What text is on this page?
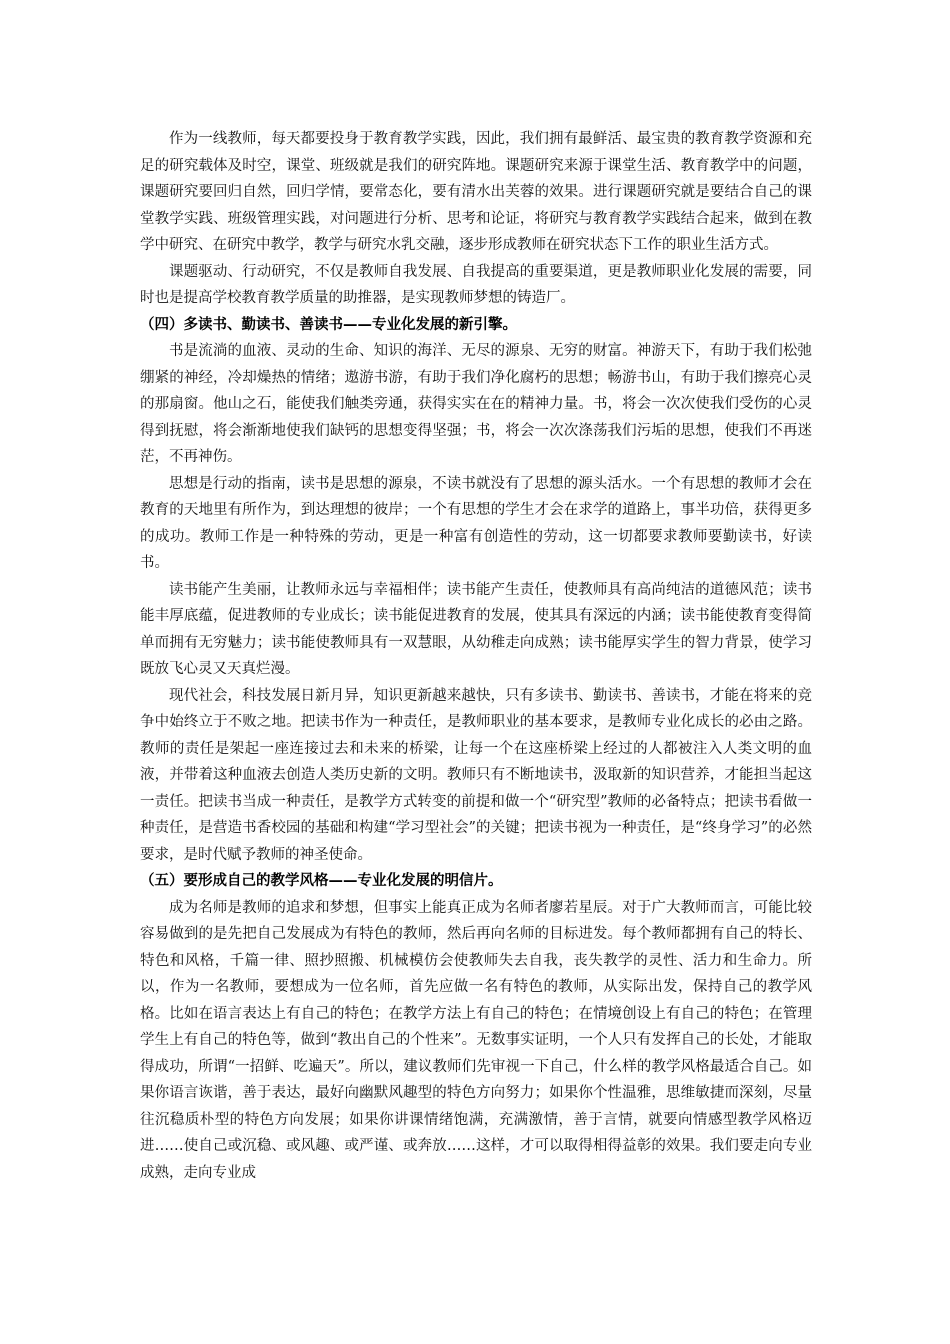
作为一线教师，每天都要投身于教育教学实践，因此，我们拥有最鲜活、最宝贵的教育教学资源和充足的研究载体及时空，课堂、班级就是我们的研究阵地。课题研究来源于课堂生活、教育教学中的问题，课题研究要回归自然，回归学情，要常态化，要有清水出芙蓉的效果。进行课题研究就是要结合自己的课堂教学实践、班级管理实践，对问题进行分析、思考和论证，将研究与教育教学实践结合起来，做到在教学中研究、在研究中教学，教学与研究水乳交融，逐步形成教师在研究状态下工作的职业生活方式。

课题驱动、行动研究，不仅是教师自我发展、自我提高的重要渠道，更是教师职业化发展的需要，同时也是提高学校教育教学质量的助推器，是实现教师梦想的铸造厂。

（四）多读书、勤读书、善读书——专业化发展的新引擎。

书是流淌的血液、灵动的生命、知识的海洋、无尽的源泉、无穷的财富。神游天下，有助于我们松弛绷紧的神经，冷却燥热的情绪；遨游书游，有助于我们净化腐朽的思想；畅游书山，有助于我们擦亮心灵的那扇窗。他山之石，能使我们触类旁通，获得实实在在的精神力量。书，将会一次次使我们受伤的心灵得到抚慰，将会渐渐地使我们缺钙的思想变得坚强；书，将会一次次涤荡我们污垢的思想，使我们不再迷茫，不再神伤。

思想是行动的指南，读书是思想的源泉，不读书就没有了思想的源头活水。一个有思想的教师才会在教育的天地里有所作为，到达理想的彼岸；一个有思想的学生才会在求学的道路上，事半功倍，获得更多的成功。教师工作是一种特殊的劳动，更是一种富有创造性的劳动，这一切都要求教师要勤读书，好读书。

读书能产生美丽，让教师永远与幸福相伴；读书能产生责任，使教师具有高尚纯洁的道德风范；读书能丰厚底蕴，促进教师的专业成长；读书能促进教育的发展，使其具有深远的内涵；读书能使教育变得简单而拥有无穷魅力；读书能使教师具有一双慧眼，从幼稚走向成熟；读书能厚实学生的智力背景，使学习既放飞心灵又天真烂漫。

现代社会，科技发展日新月异，知识更新越来越快，只有多读书、勤读书、善读书，才能在将来的竞争中始终立于不败之地。把读书作为一种责任，是教师职业的基本要求，是教师专业化成长的必由之路。教师的责任是架起一座连接过去和未来的桥梁，让每一个在这座桥梁上经过的人都被注入人类文明的血液，并带着这种血液去创造人类历史新的文明。教师只有不断地读书，汲取新的知识营养，才能担当起这一责任。把读书当成一种责任，是教学方式转变的前提和做一个“研究型”教师的必备特点；把读书看做一种责任，是营造书香校园的基础和构建“学习型社会”的关键；把读书视为一种责任，是“终身学习”的必然要求，是时代赋予教师的神圣使命。

（五）要形成自己的教学风格——专业化发展的明信片。

成为名师是教师的追求和梦想，但事实上能真正成为名师者廖若星辰。对于广大教师而言，可能比较容易做到的是先把自己发展成为有特色的教师，然后再向名师的目标进发。每个教师都拥有自己的特长、特色和风格，千篇一律、照抄照搬、机械模仿会使教师失去自我，丧失教学的灵性、活力和生命力。所以，作为一名教师，要想成为一位名师，首先应做一名有特色的教师，从实际出发，保持自己的教学风格。比如在语言表达上有自己的特色；在教学方法上有自己的特色；在情境创设上有自己的特色；在管理学生上有自己的特色等，做到“教出自己的个性来”。无数事实证明，一个人只有发挥自己的长处，才能取得成功，所谓“一招鲜、吃遍天”。所以，建议教师们先审视一下自己，什么样的教学风格最适合自己。如果你语言诙谐，善于表达，最好向幽默风趣型的特色方向努力；如果你个性温雅，思维敏捷而深刻，尽量往沉稳质朴型的特色方向发展；如果你讲课情绪饱满，充满激情，善于言情，就要向情感型教学风格迈进……使自己或沉稳、或风趣、或严谨、或奔放……这样，才可以取得相得益彰的效果。我们要走向专业成熟，走向专业成
